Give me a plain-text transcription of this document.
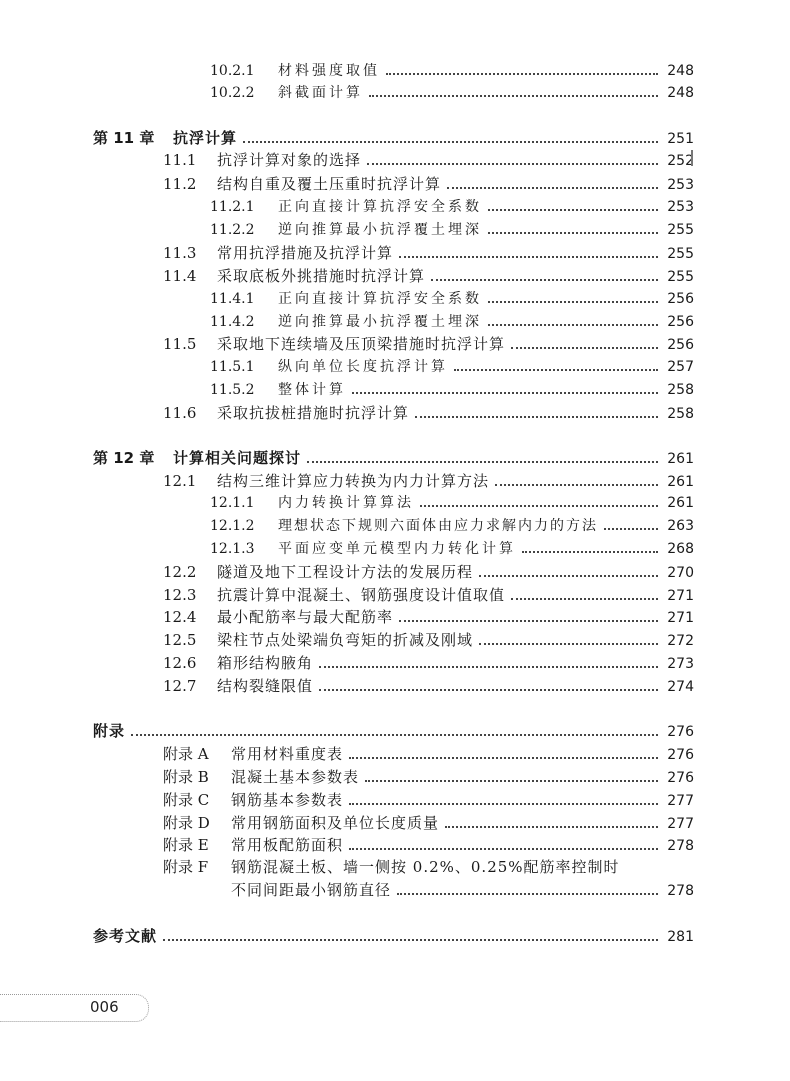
10.2.1	材料强度取值	248
10.2.2	斜截面计算	248
第 11 章	抗浮计算	251
11.1	抗浮计算对象的选择	252
11.2	结构自重及覆土压重时抗浮计算	253
11.2.1	正向直接计算抗浮安全系数	253
11.2.2	逆向推算最小抗浮覆土埋深	255
11.3	常用抗浮措施及抗浮计算	255
11.4	采取底板外挑措施时抗浮计算	255
11.4.1	正向直接计算抗浮安全系数	256
11.4.2	逆向推算最小抗浮覆土埋深	256
11.5	采取地下连续墙及压顶梁措施时抗浮计算	256
11.5.1	纵向单位长度抗浮计算	257
11.5.2	整体计算	258
11.6	采取抗拔桩措施时抗浮计算	258
第 12 章	计算相关问题探讨	261
12.1	结构三维计算应力转换为内力计算方法	261
12.1.1	内力转换计算算法	261
12.1.2	理想状态下规则六面体由应力求解内力的方法	263
12.1.3	平面应变单元模型内力转化计算	268
12.2	隧道及地下工程设计方法的发展历程	270
12.3	抗震计算中混凝土、钢筋强度设计值取值	271
12.4	最小配筋率与最大配筋率	271
12.5	梁柱节点处梁端负弯矩的折减及刚域	272
12.6	箱形结构腋角	273
12.7	结构裂缝限值	274
附录	276
附录 A	常用材料重度表	276
附录 B	混凝土基本参数表	276
附录 C	钢筋基本参数表	277
附录 D	常用钢筋面积及单位长度质量	277
附录 E	常用板配筋面积	278
附录 F	钢筋混凝土板、墙一侧按 0.2%、0.25%配筋率控制时
不同间距最小钢筋直径	278
参考文献	281
006
